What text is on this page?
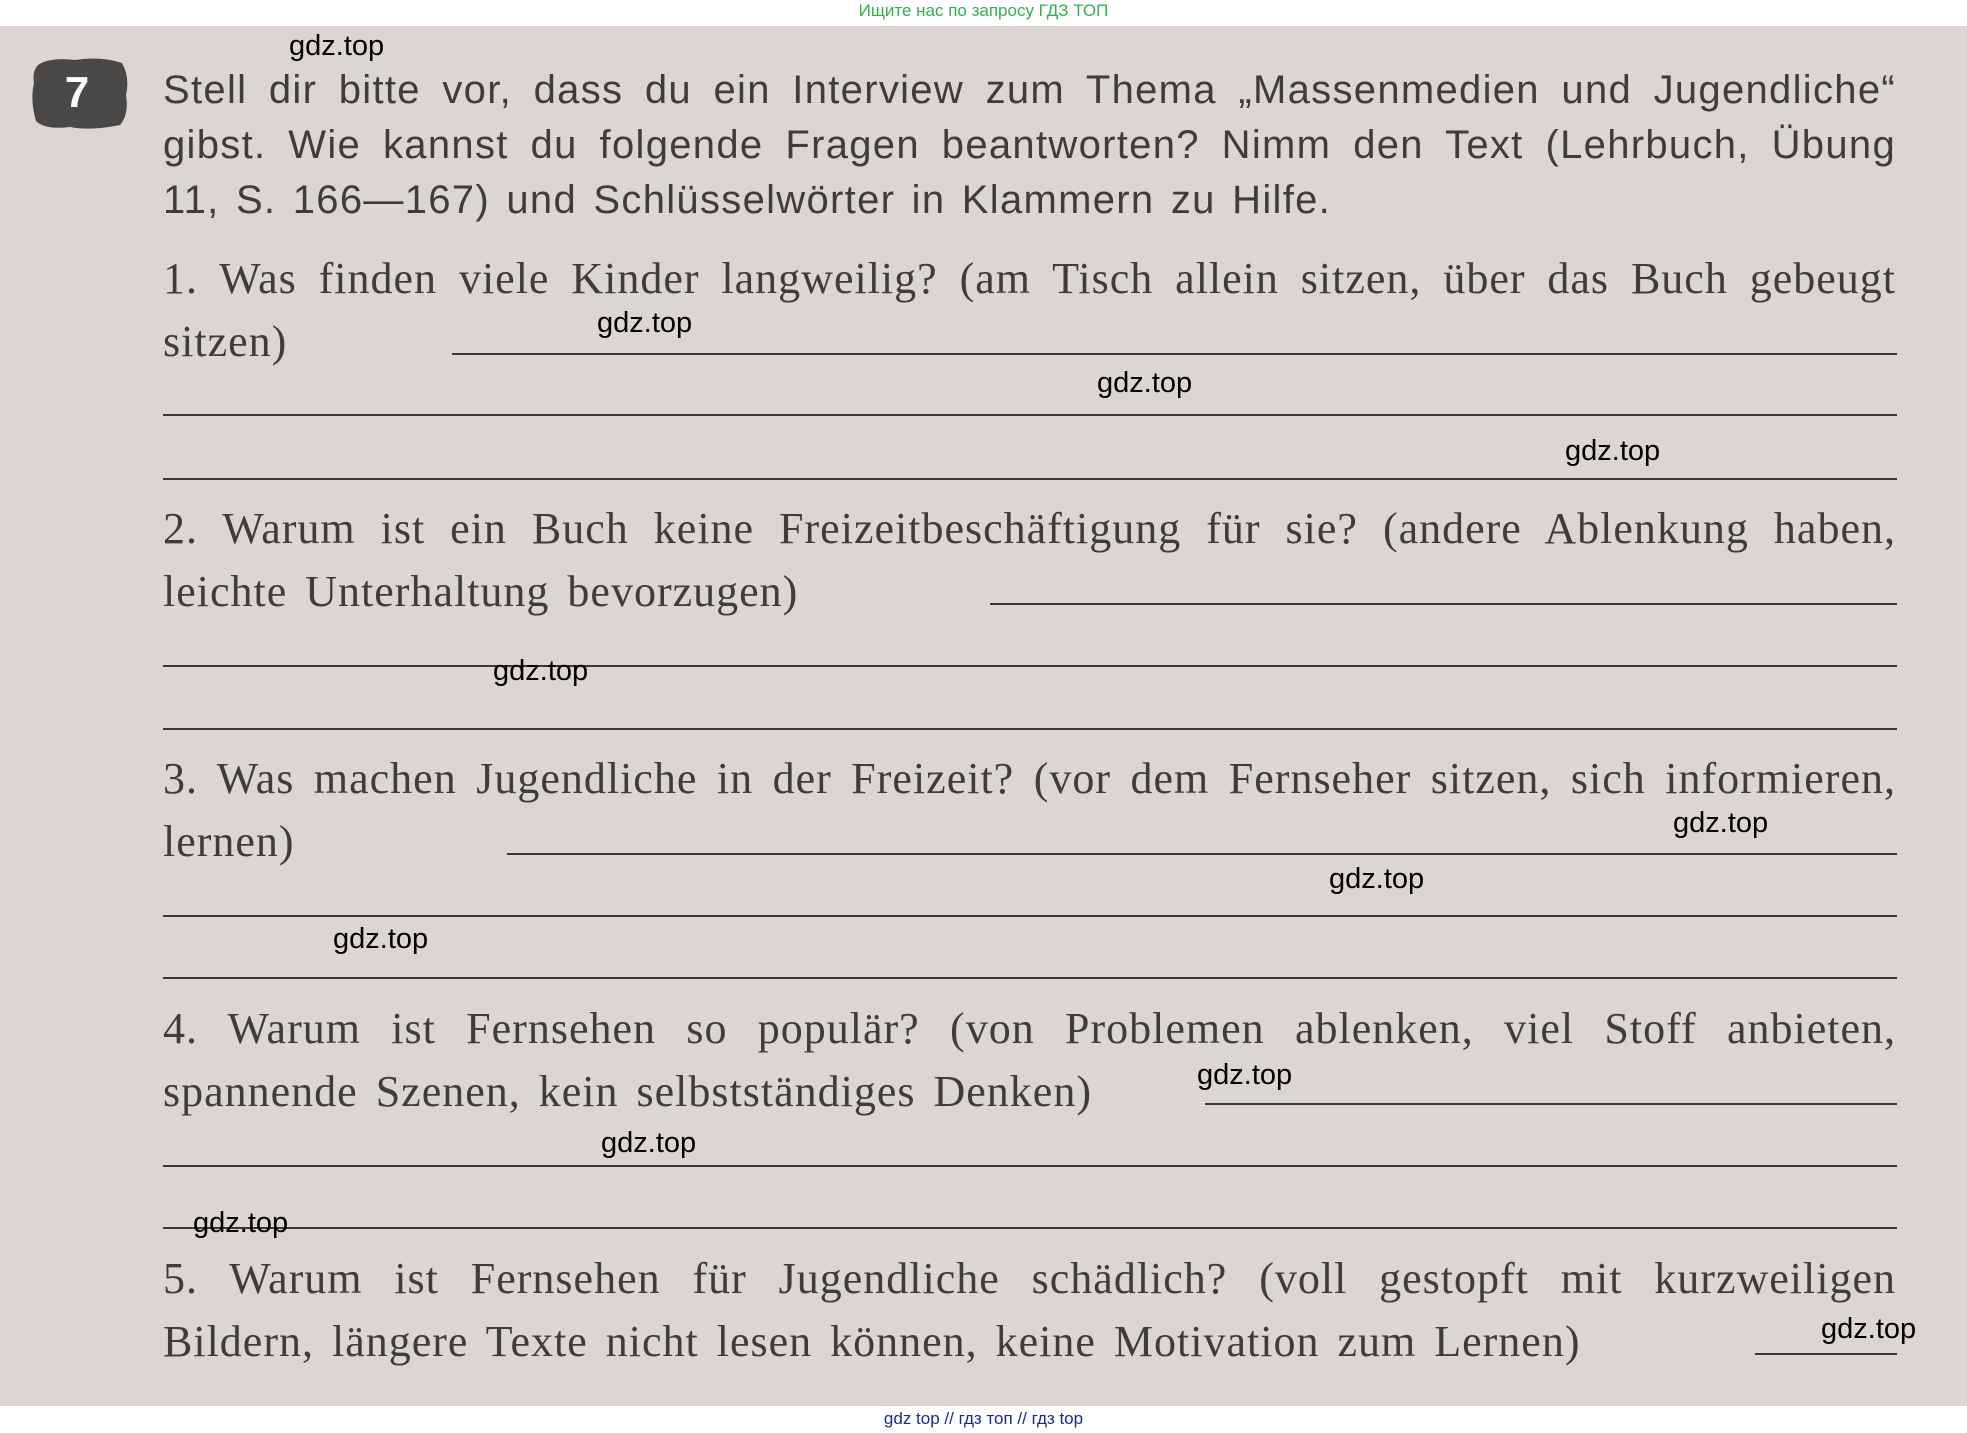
Ищите нас по запросу ГДЗ ТОП
7 Stell dir bitte vor, dass du ein Interview zum Thema „Massenmedien und Jugendliche“ gibst. Wie kannst du folgende Fragen beantworten? Nimm den Text (Lehrbuch, Übung 11, S. 166—167) und Schlüsselwörter in Klammern zu Hilfe.

1. Was finden viele Kinder langweilig? (am Tisch allein sitzen, über das Buch gebeugt sitzen)

2. Warum ist ein Buch keine Freizeitbeschäftigung für sie? (andere Ablenkung haben, leichte Unterhaltung bevorzugen)

3. Was machen Jugendliche in der Freizeit? (vor dem Fernseher sitzen, sich informieren, lernen)

4. Warum ist Fernsehen so populär? (von Problemen ablenken, viel Stoff anbieten, spannende Szenen, kein selbstständiges Denken)

5. Warum ist Fernsehen für Jugendliche schädlich? (voll gestopft mit kurzweiligen Bildern, längere Texte nicht lesen können, keine Motivation zum Lernen)

gdz.top
gdz.top
gdz.top
gdz.top
gdz.top
gdz.top
gdz.top
gdz.top
gdz.top
gdz.top
gdz.top
gdz.top
gdz top // гдз топ // гдз top
